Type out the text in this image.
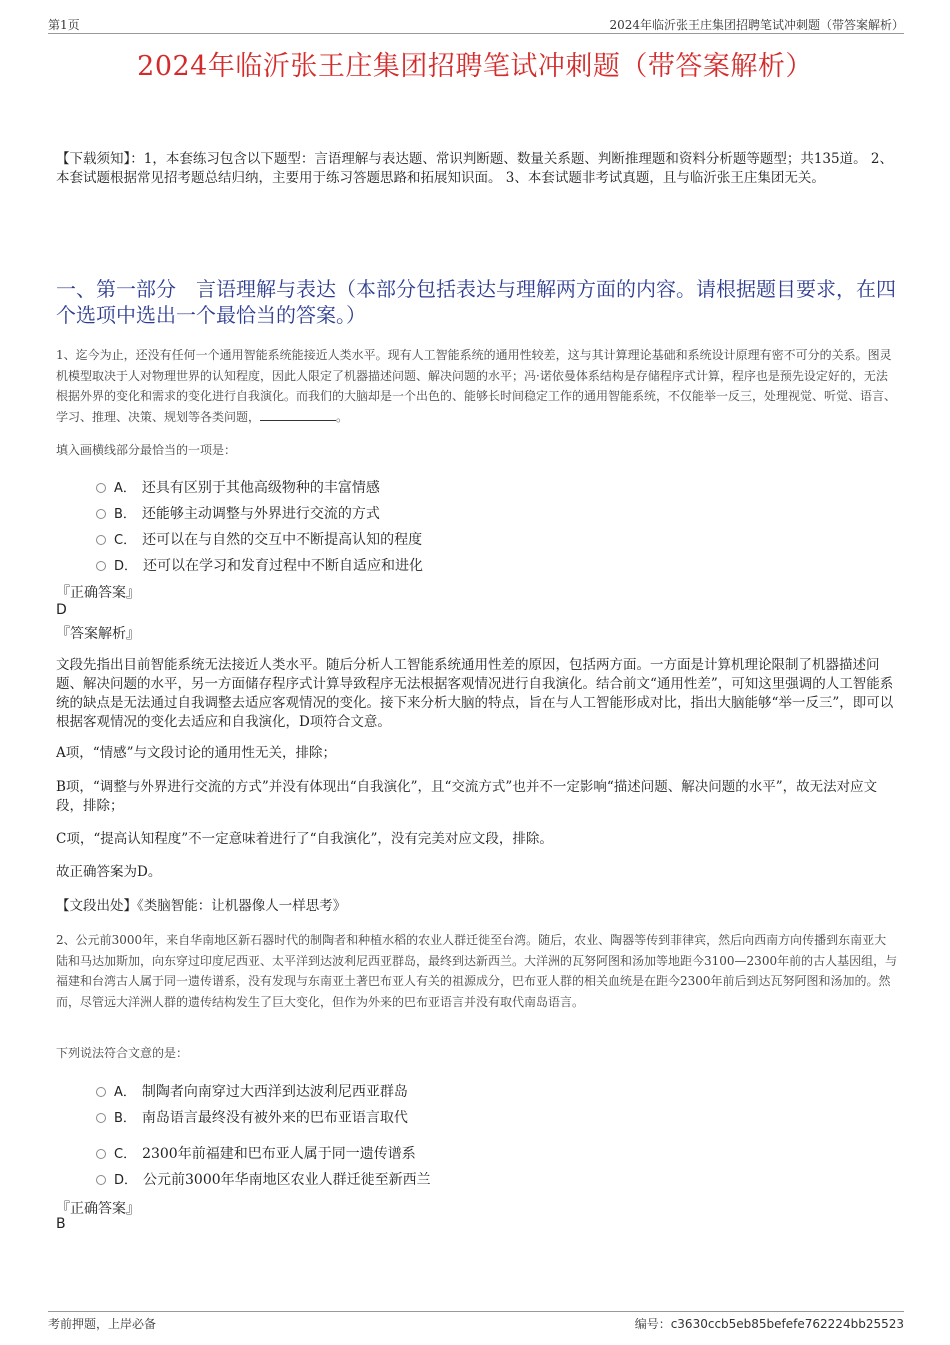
第1页	2024年临沂张王庄集团招聘笔试冲刺题（带答案解析）
2024年临沂张王庄集团招聘笔试冲刺题（带答案解析）
【下载须知】：1，本套练习包含以下题型：言语理解与表达题、常识判断题、数量关系题、判断推理题和资料分析题等题型；共135道。 2、本套试题根据常见招考题总结归纳，主要用于练习答题思路和拓展知识面。 3、本套试题非考试真题，且与临沂张王庄集团无关。
一、第一部分　言语理解与表达（本部分包括表达与理解两方面的内容。请根据题目要求，在四个选项中选出一个最恰当的答案。）
1、迄今为止，还没有任何一个通用智能系统能接近人类水平。现有人工智能系统的通用性较差，这与其计算理论基础和系统设计原理有密不可分的关系。图灵机模型取决于人对物理世界的认知程度，因此人限定了机器描述问题、解决问题的水平；冯·诺依曼体系结构是存储程序式计算，程序也是预先设定好的，无法根据外界的变化和需求的变化进行自我演化。而我们的大脑却是一个出色的、能够长时间稳定工作的通用智能系统，不仅能举一反三，处理视觉、听觉、语言、学习、推理、决策、规划等各类问题，	。
填入画横线部分最恰当的一项是：
A． 还具有区别于其他高级物种的丰富情感
B． 还能够主动调整与外界进行交流的方式
C． 还可以在与自然的交互中不断提高认知的程度
D． 还可以在学习和发育过程中不断自适应和进化
『正确答案』
D
『答案解析』
文段先指出目前智能系统无法接近人类水平。随后分析人工智能系统通用性差的原因，包括两方面。一方面是计算机理论限制了机器描述问题、解决问题的水平，另一方面储存程序式计算导致程序无法根据客观情况进行自我演化。结合前文“通用性差”，可知这里强调的人工智能系统的缺点是无法通过自我调整去适应客观情况的变化。接下来分析大脑的特点，旨在与人工智能形成对比，指出大脑能够“举一反三”，即可以根据客观情况的变化去适应和自我演化，D项符合文意。
A项，“情感”与文段讨论的通用性无关，排除；
B项，“调整与外界进行交流的方式”并没有体现出“自我演化”，且“交流方式”也并不一定影响“描述问题、解决问题的水平”，故无法对应文段，排除；
C项，“提高认知程度”不一定意味着进行了“自我演化”，没有完美对应文段，排除。
故正确答案为D。
【文段出处】《类脑智能：让机器像人一样思考》
2、公元前3000年，来自华南地区新石器时代的制陶者和种植水稻的农业人群迁徙至台湾。随后，农业、陶器等传到菲律宾，然后向西南方向传播到东南亚大陆和马达加斯加，向东穿过印度尼西亚、太平洋到达波利尼西亚群岛，最终到达新西兰。大洋洲的瓦努阿图和汤加等地距今3100—2300年前的古人基因组，与福建和台湾古人属于同一遗传谱系，没有发现与东南亚土著巴布亚人有关的祖源成分，巴布亚人群的相关血统是在距今2300年前后到达瓦努阿图和汤加的。然而，尽管远大洋洲人群的遗传结构发生了巨大变化，但作为外来的巴布亚语言并没有取代南岛语言。
下列说法符合文意的是：
A． 制陶者向南穿过大西洋到达波利尼西亚群岛
B． 南岛语言最终没有被外来的巴布亚语言取代
C． 2300年前福建和巴布亚人属于同一遗传谱系
D． 公元前3000年华南地区农业人群迁徙至新西兰
『正确答案』
B
考前押题，上岸必备	编号：c3630ccb5eb85befefe762224bb25523
